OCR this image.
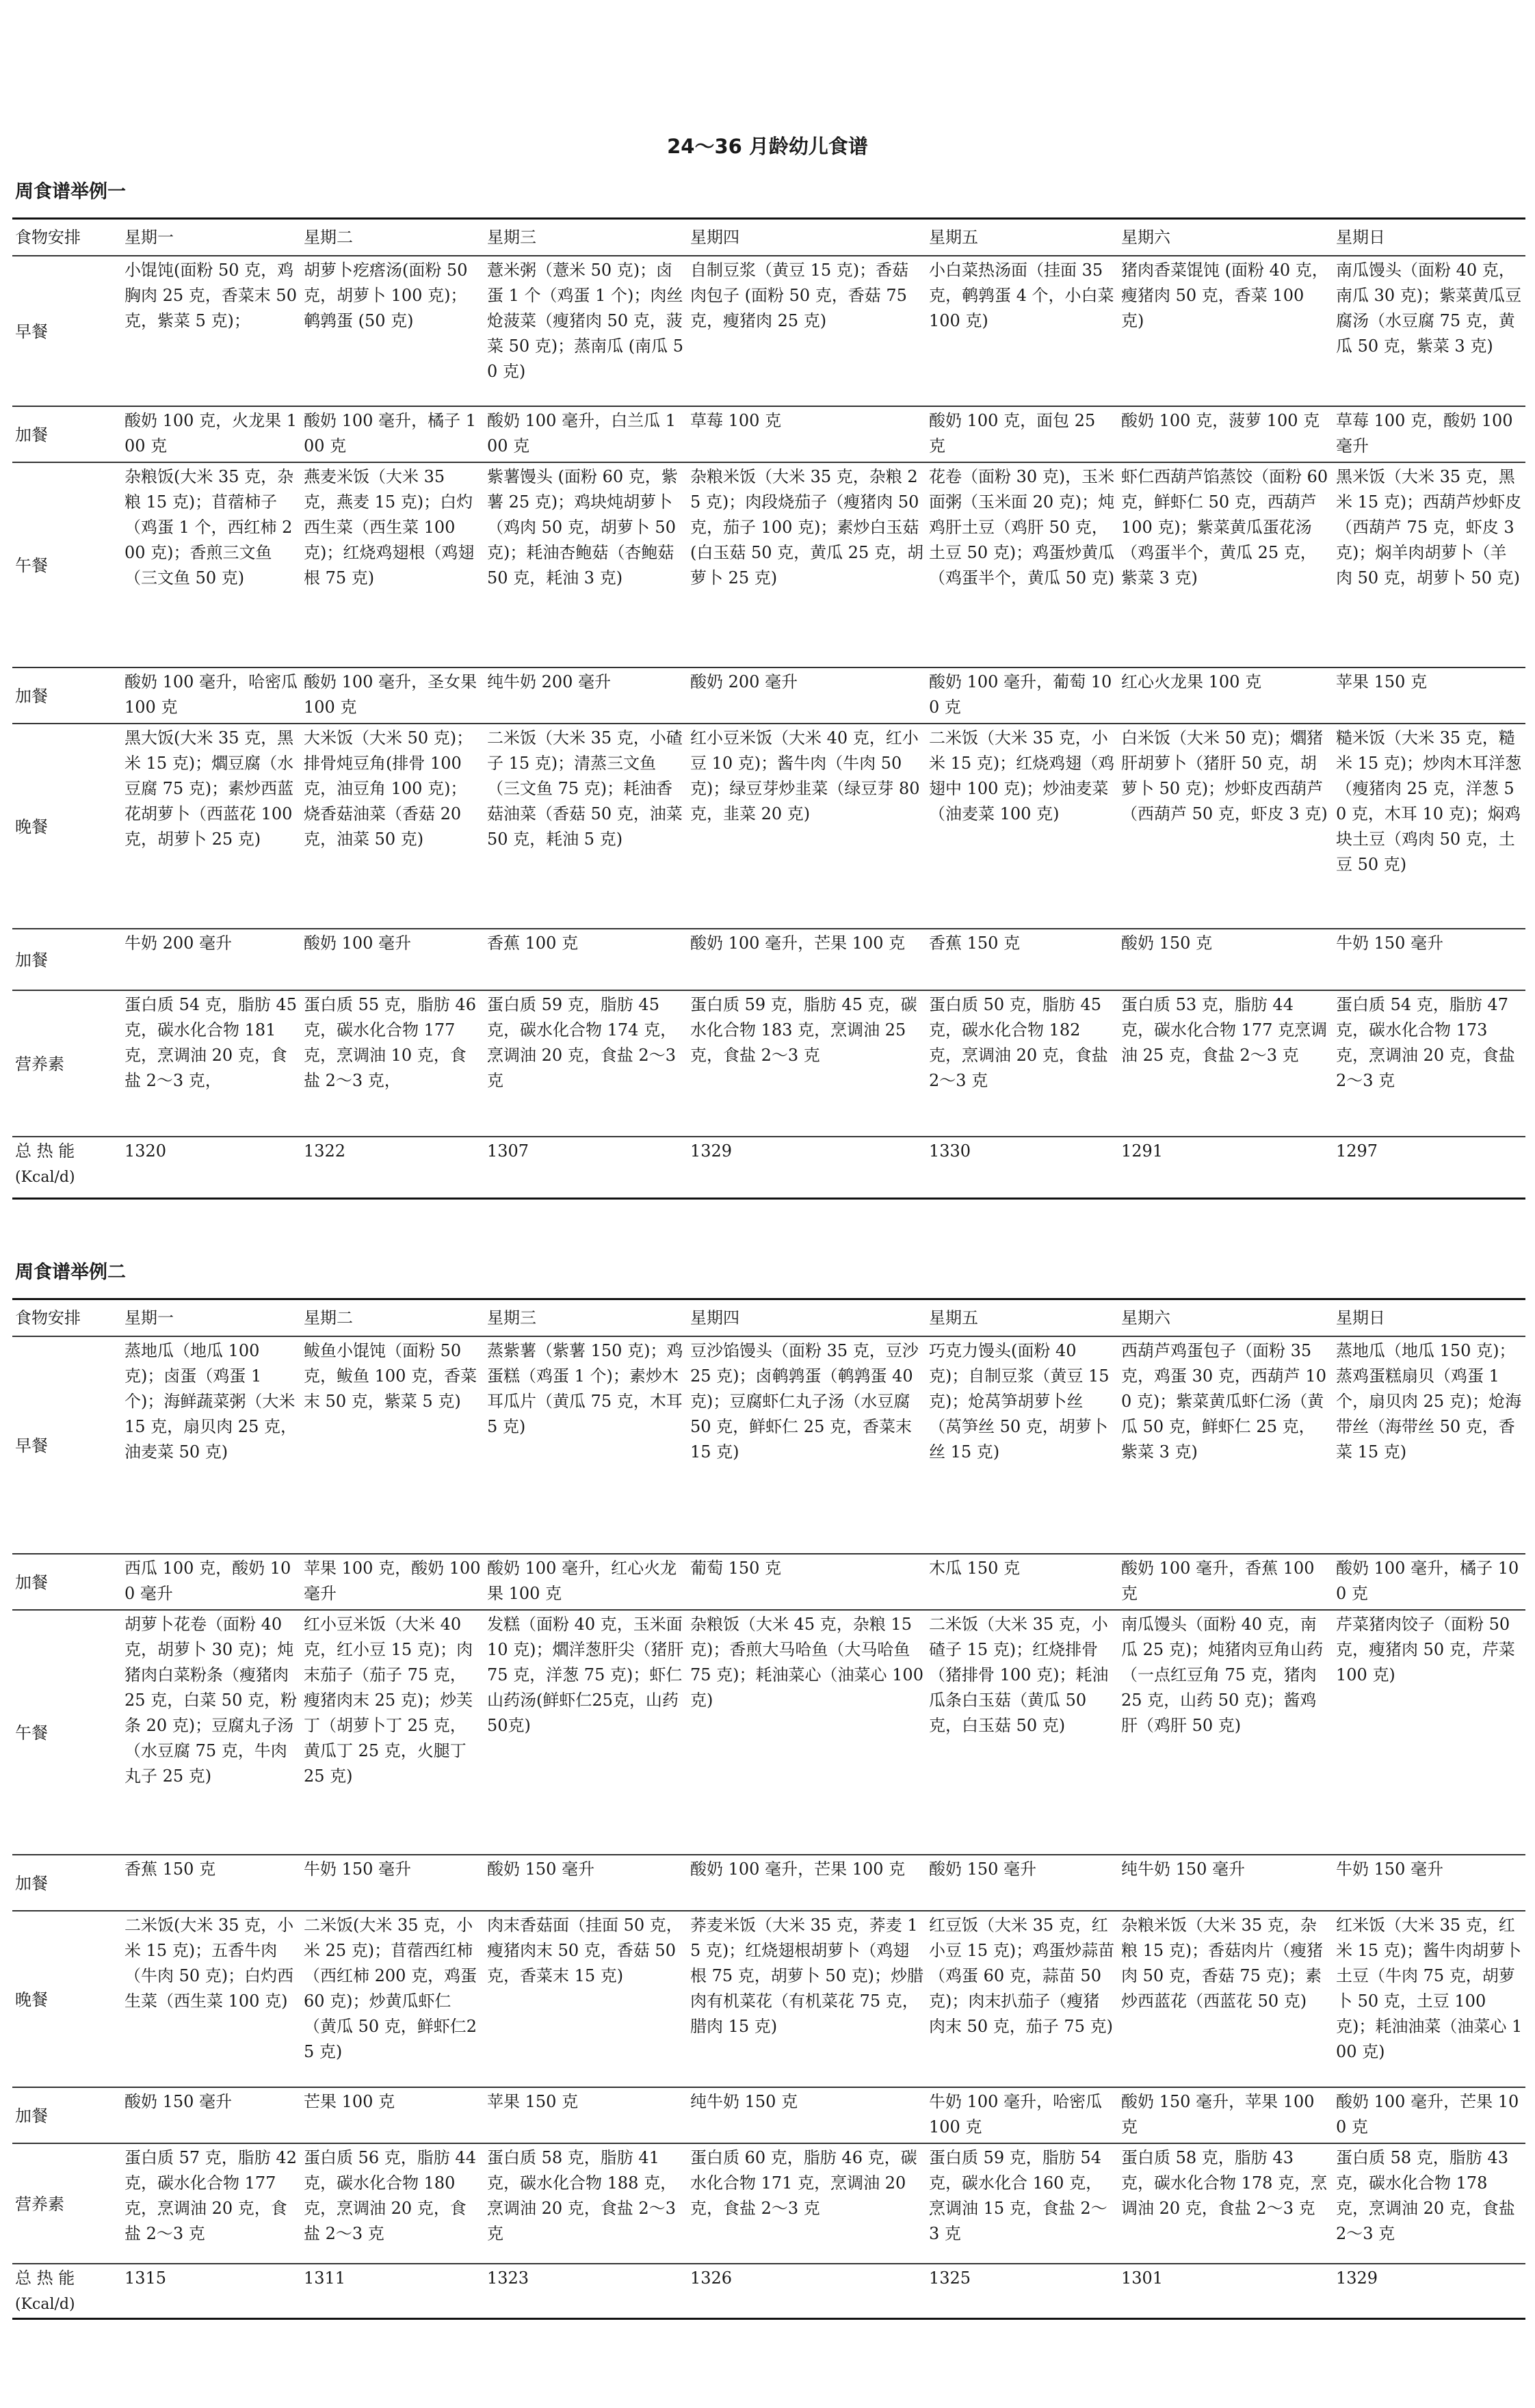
24～36 月龄幼儿食谱
周食谱举例一
食物安排	星期一	星期二	星期三	星期四	星期五	星期六	星期日
早餐	小馄饨(面粉 50 克，鸡胸肉 25 克，香菜末 50 克，紫菜 5 克)；	胡萝卜疙瘩汤(面粉 50 克，胡萝卜 100 克)；鹌鹑蛋 (50 克)	薏米粥（薏米 50 克)；卤蛋 1 个（鸡蛋 1 个)；肉丝炝菠菜（瘦猪肉 50 克，菠菜 50 克)；蒸南瓜 (南瓜 50 克)	自制豆浆（黄豆 15 克)；香菇肉包子 (面粉 50 克，香菇 75 克，瘦猪肉 25 克)	小白菜热汤面（挂面 35 克，鹌鹑蛋 4 个，小白菜 100 克)	猪肉香菜馄饨 (面粉 40 克，瘦猪肉 50 克，香菜 100 克)	南瓜馒头（面粉 40 克，南瓜 30 克)；紫菜黄瓜豆腐汤（水豆腐 75 克，黄瓜 50 克，紫菜 3 克)
加餐	酸奶 100 克，火龙果 100 克	酸奶 100 毫升，橘子 100 克	酸奶 100 毫升，白兰瓜 100 克	草莓 100 克	酸奶 100 克，面包 25 克	酸奶 100 克，菠萝 100 克	草莓 100 克，酸奶 100 毫升
午餐	杂粮饭(大米 35 克，杂粮 15 克)；苜蓿柿子（鸡蛋 1 个，西红柿 200 克)；香煎三文鱼（三文鱼 50 克)	燕麦米饭（大米 35 克，燕麦 15 克)；白灼西生菜（西生菜 100 克)；红烧鸡翅根（鸡翅根 75 克)	紫薯馒头 (面粉 60 克，紫薯 25 克)；鸡块炖胡萝卜（鸡肉 50 克，胡萝卜 50 克)；耗油杏鲍菇（杏鲍菇 50 克，耗油 3 克)	杂粮米饭（大米 35 克，杂粮 25 克)；肉段烧茄子（瘦猪肉 50 克，茄子 100 克)；素炒白玉菇(白玉菇 50 克，黄瓜 25 克，胡萝卜 25 克)	花卷（面粉 30 克)，玉米面粥（玉米面 20 克)；炖鸡肝土豆（鸡肝 50 克，土豆 50 克)；鸡蛋炒黄瓜（鸡蛋半个，黄瓜 50 克)	虾仁西葫芦馅蒸饺（面粉 60 克，鲜虾仁 50 克，西葫芦 100 克)；紫菜黄瓜蛋花汤（鸡蛋半个，黄瓜 25 克，紫菜 3 克)	黑米饭（大米 35 克，黑米 15 克)；西葫芦炒虾皮（西葫芦 75 克，虾皮 3 克)；焖羊肉胡萝卜（羊肉 50 克，胡萝卜 50 克)
加餐	酸奶 100 毫升，哈密瓜 100 克	酸奶 100 毫升，圣女果 100 克	纯牛奶 200 毫升	酸奶 200 毫升	酸奶 100 毫升，葡萄 100 克	红心火龙果 100 克	苹果 150 克
晚餐	黑大饭(大米 35 克，黑米 15 克)；爓豆腐（水豆腐 75 克)；素炒西蓝花胡萝卜（西蓝花 100 克，胡萝卜 25 克)	大米饭（大米 50 克)；排骨炖豆角(排骨 100 克，油豆角 100 克)；烧香菇油菜（香菇 20 克，油菜 50 克)	二米饭（大米 35 克，小碴子 15 克)；清蒸三文鱼（三文鱼 75 克)；耗油香菇油菜（香菇 50 克，油菜 50 克，耗油 5 克)	红小豆米饭（大米 40 克，红小豆 10 克)；酱牛肉（牛肉 50 克)；绿豆芽炒韭菜（绿豆芽 80 克，韭菜 20 克)	二米饭（大米 35 克，小米 15 克)；红烧鸡翅（鸡翅中 100 克)；炒油麦菜（油麦菜 100 克)	白米饭（大米 50 克)；爓猪肝胡萝卜（猪肝 50 克，胡萝卜 50 克)；炒虾皮西葫芦（西葫芦 50 克，虾皮 3 克)	糙米饭（大米 35 克，糙米 15 克)；炒肉木耳洋葱（瘦猪肉 25 克，洋葱 50 克，木耳 10 克)；焖鸡块土豆（鸡肉 50 克，土豆 50 克)
加餐	牛奶 200 毫升	酸奶 100 毫升	香蕉 100 克	酸奶 100 毫升，芒果 100 克	香蕉 150 克	酸奶 150 克	牛奶 150 毫升
营养素	蛋白质 54 克，脂肪 45 克，碳水化合物 181 克，烹调油 20 克，食盐 2～3 克，	蛋白质 55 克，脂肪 46 克，碳水化合物 177 克，烹调油 10 克，食盐 2～3 克，	蛋白质 59 克，脂肪 45 克，碳水化合物 174 克，烹调油 20 克，食盐 2～3 克	蛋白质 59 克，脂肪 45 克，碳水化合物 183 克，烹调油 25 克，食盐 2～3 克	蛋白质 50 克，脂肪 45 克，碳水化合物 182 克，烹调油 20 克，食盐 2～3 克	蛋白质 53 克，脂肪 44 克，碳水化合物 177 克烹调油 25 克，食盐 2～3 克	蛋白质 54 克，脂肪 47 克，碳水化合物 173 克，烹调油 20 克，食盐 2～3 克
总 热 能
(Kcal/d)	1320	1322	1307	1329	1330	1291	1297
周食谱举例二
食物安排	星期一	星期二	星期三	星期四	星期五	星期六	星期日
早餐	蒸地瓜（地瓜 100 克)；卤蛋（鸡蛋 1 个)；海鲜蔬菜粥（大米 15 克，扇贝肉 25 克，油麦菜 50 克)	鲅鱼小馄饨（面粉 50 克，鲅鱼 100 克，香菜末 50 克，紫菜 5 克)	蒸紫薯（紫薯 150 克)；鸡蛋糕（鸡蛋 1 个)；素炒木耳瓜片（黄瓜 75 克，木耳 5 克)	豆沙馅馒头（面粉 35 克，豆沙 25 克)；卤鹌鹑蛋（鹌鹑蛋 40 克)；豆腐虾仁丸子汤（水豆腐 50 克，鲜虾仁 25 克，香菜末 15 克)	巧克力馒头(面粉 40 克)；自制豆浆（黄豆 15 克)；炝莴笋胡萝卜丝（莴笋丝 50 克，胡萝卜丝 15 克)	西葫芦鸡蛋包子（面粉 35 克，鸡蛋 30 克，西葫芦 100 克)；紫菜黄瓜虾仁汤（黄瓜 50 克，鲜虾仁 25 克，紫菜 3 克)	蒸地瓜（地瓜 150 克)；蒸鸡蛋糕扇贝（鸡蛋 1 个，扇贝肉 25 克)；炝海带丝（海带丝 50 克，香菜 15 克)
加餐	西瓜 100 克，酸奶 100 毫升	苹果 100 克，酸奶 100 毫升	酸奶 100 毫升，红心火龙果 100 克	葡萄 150 克	木瓜 150 克	酸奶 100 毫升，香蕉 100 克	酸奶 100 毫升，橘子 100 克
午餐	胡萝卜花卷（面粉 40 克，胡萝卜 30 克)；炖猪肉白菜粉条（瘦猪肉 25 克，白菜 50 克，粉条 20 克)；豆腐丸子汤（水豆腐 75 克，牛肉丸子 25 克)	红小豆米饭（大米 40 克，红小豆 15 克)；肉末茄子（茄子 75 克，瘦猪肉末 25 克)；炒芙丁（胡萝卜丁 25 克，黄瓜丁 25 克，火腿丁 25 克)	发糕（面粉 40 克，玉米面 10 克)；爓洋葱肝尖（猪肝 75 克，洋葱 75 克)；虾仁山药汤(鲜虾仁25克，山药50克)	杂粮饭（大米 45 克，杂粮 15 克)；香煎大马哈鱼（大马哈鱼 75 克)；耗油菜心（油菜心 100 克)	二米饭（大米 35 克，小碴子 15 克)；红烧排骨（猪排骨 100 克)；耗油瓜条白玉菇（黄瓜 50 克，白玉菇 50 克)	南瓜馒头（面粉 40 克，南瓜 25 克)；炖猪肉豆角山药（一点红豆角 75 克，猪肉 25 克，山药 50 克)；酱鸡肝（鸡肝 50 克)	芹菜猪肉饺子（面粉 50 克，瘦猪肉 50 克，芹菜 100 克)
加餐	香蕉 150 克	牛奶 150 毫升	酸奶 150 毫升	酸奶 100 毫升，芒果 100 克	酸奶 150 毫升	纯牛奶 150 毫升	牛奶 150 毫升
晚餐	二米饭(大米 35 克，小米 15 克)；五香牛肉（牛肉 50 克)；白灼西生菜（西生菜 100 克)	二米饭(大米 35 克，小米 25 克)；苜蓿西红柿（西红柿 200 克，鸡蛋 60 克)；炒黄瓜虾仁（黄瓜 50 克，鲜虾仁25 克)	肉末香菇面（挂面 50 克，瘦猪肉末 50 克，香菇 50 克，香菜末 15 克)	荞麦米饭（大米 35 克，荞麦 15 克)；红烧翅根胡萝卜（鸡翅根 75 克，胡萝卜 50 克)；炒腊肉有机菜花（有机菜花 75 克，腊肉 15 克)	红豆饭（大米 35 克，红小豆 15 克)；鸡蛋炒蒜苗（鸡蛋 60 克，蒜苗 50 克)；肉末扒茄子（瘦猪肉末 50 克，茄子 75 克)	杂粮米饭（大米 35 克，杂粮 15 克)；香菇肉片（瘦猪肉 50 克，香菇 75 克)；素炒西蓝花（西蓝花 50 克)	红米饭（大米 35 克，红米 15 克)；酱牛肉胡萝卜土豆（牛肉 75 克，胡萝卜 50 克，土豆 100 克)；耗油油菜（油菜心 100 克)
加餐	酸奶 150 毫升	芒果 100 克	苹果 150 克	纯牛奶 150 克	牛奶 100 毫升，哈密瓜 100 克	酸奶 150 毫升，苹果 100 克	酸奶 100 毫升，芒果 100 克
营养素	蛋白质 57 克，脂肪 42 克，碳水化合物 177 克，烹调油 20 克，食盐 2～3 克	蛋白质 56 克，脂肪 44 克，碳水化合物 180 克，烹调油 20 克，食盐 2～3 克	蛋白质 58 克，脂肪 41 克，碳水化合物 188 克，烹调油 20 克，食盐 2～3 克	蛋白质 60 克，脂肪 46 克，碳水化合物 171 克，烹调油 20 克，食盐 2～3 克	蛋白质 59 克，脂肪 54 克，碳水化合 160 克，烹调油 15 克，食盐 2～3 克	蛋白质 58 克，脂肪 43 克，碳水化合物 178 克，烹调油 20 克，食盐 2～3 克	蛋白质 58 克，脂肪 43 克，碳水化合物 178 克，烹调油 20 克，食盐 2～3 克
总 热 能
(Kcal/d)	1315	1311	1323	1326	1325	1301	1329
